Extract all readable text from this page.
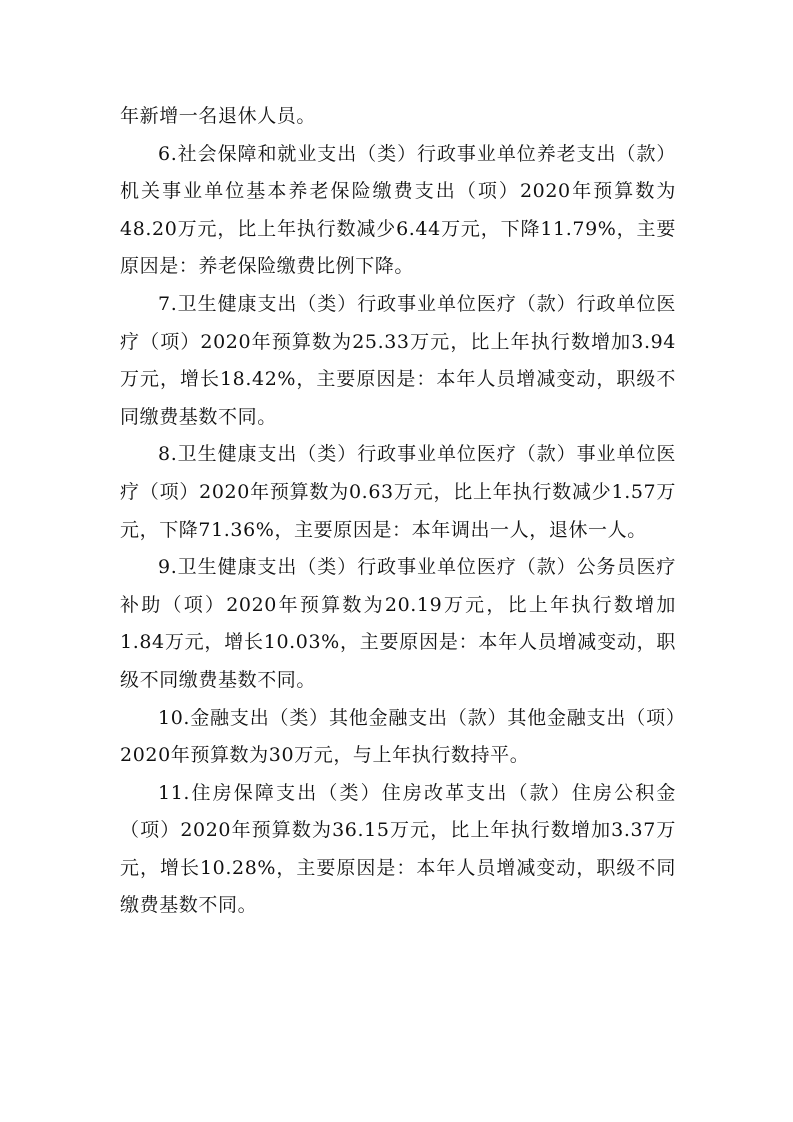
年新增一名退休人员。

6.社会保障和就业支出（类）行政事业单位养老支出（款）机关事业单位基本养老保险缴费支出（项）2020年预算数为48.20万元，比上年执行数减少6.44万元，下降11.79%，主要原因是：养老保险缴费比例下降。

7.卫生健康支出（类）行政事业单位医疗（款）行政单位医疗（项）2020年预算数为25.33万元，比上年执行数增加3.94万元，增长18.42%，主要原因是：本年人员增减变动，职级不同缴费基数不同。

8.卫生健康支出（类）行政事业单位医疗（款）事业单位医疗（项）2020年预算数为0.63万元，比上年执行数减少1.57万元，下降71.36%，主要原因是：本年调出一人，退休一人。

9.卫生健康支出（类）行政事业单位医疗（款）公务员医疗补助（项）2020年预算数为20.19万元，比上年执行数增加1.84万元，增长10.03%，主要原因是：本年人员增减变动，职级不同缴费基数不同。

10.金融支出（类）其他金融支出（款）其他金融支出（项）2020年预算数为30万元，与上年执行数持平。

11.住房保障支出（类）住房改革支出（款）住房公积金（项）2020年预算数为36.15万元，比上年执行数增加3.37万元，增长10.28%，主要原因是：本年人员增减变动，职级不同缴费基数不同。
